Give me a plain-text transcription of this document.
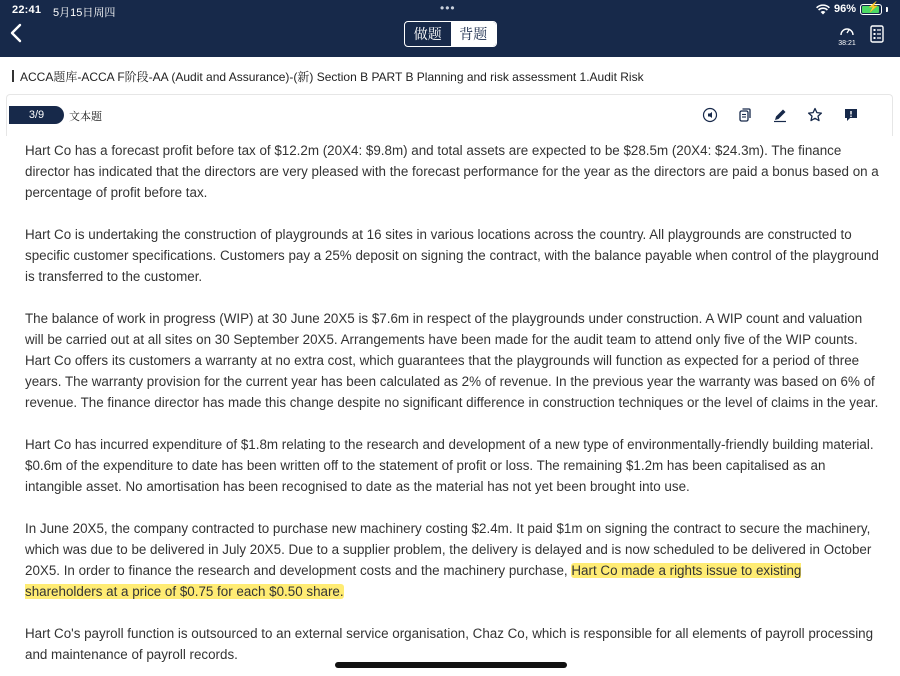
22:41 5月15日周四	•••	96% ⚡
做题	背题
38:21
ACCA题库-ACCA F阶段-AA (Audit and Assurance)-(新) Section B PART B Planning and risk assessment 1.Audit Risk
3/9	文本题

Hart Co has a forecast profit before tax of $12.2m (20X4: $9.8m) and total assets are expected to be $28.5m (20X4: $24.3m). The finance director has indicated that the directors are very pleased with the forecast performance for the year as the directors are paid a bonus based on a percentage of profit before tax.

Hart Co is undertaking the construction of playgrounds at 16 sites in various locations across the country. All playgrounds are constructed to specific customer specifications. Customers pay a 25% deposit on signing the contract, with the balance payable when control of the playground is transferred to the customer.

The balance of work in progress (WIP) at 30 June 20X5 is $7.6m in respect of the playgrounds under construction. A WIP count and valuation will be carried out at all sites on 30 September 20X5. Arrangements have been made for the audit team to attend only five of the WIP counts. Hart Co offers its customers a warranty at no extra cost, which guarantees that the playgrounds will function as expected for a period of three years. The warranty provision for the current year has been calculated as 2% of revenue. In the previous year the warranty was based on 6% of revenue. The finance director has made this change despite no significant difference in construction techniques or the level of claims in the year.

Hart Co has incurred expenditure of $1.8m relating to the research and development of a new type of environmentally-friendly building material. $0.6m of the expenditure to date has been written off to the statement of profit or loss. The remaining $1.2m has been capitalised as an intangible asset. No amortisation has been recognised to date as the material has not yet been brought into use.

In June 20X5, the company contracted to purchase new machinery costing $2.4m. It paid $1m on signing the contract to secure the machinery, which was due to be delivered in July 20X5. Due to a supplier problem, the delivery is delayed and is now scheduled to be delivered in October 20X5. In order to finance the research and development costs and the machinery purchase, Hart Co made a rights issue to existing shareholders at a price of $0.75 for each $0.50 share.

Hart Co's payroll function is outsourced to an external service organisation, Chaz Co, which is responsible for all elements of payroll processing and maintenance of payroll records.
